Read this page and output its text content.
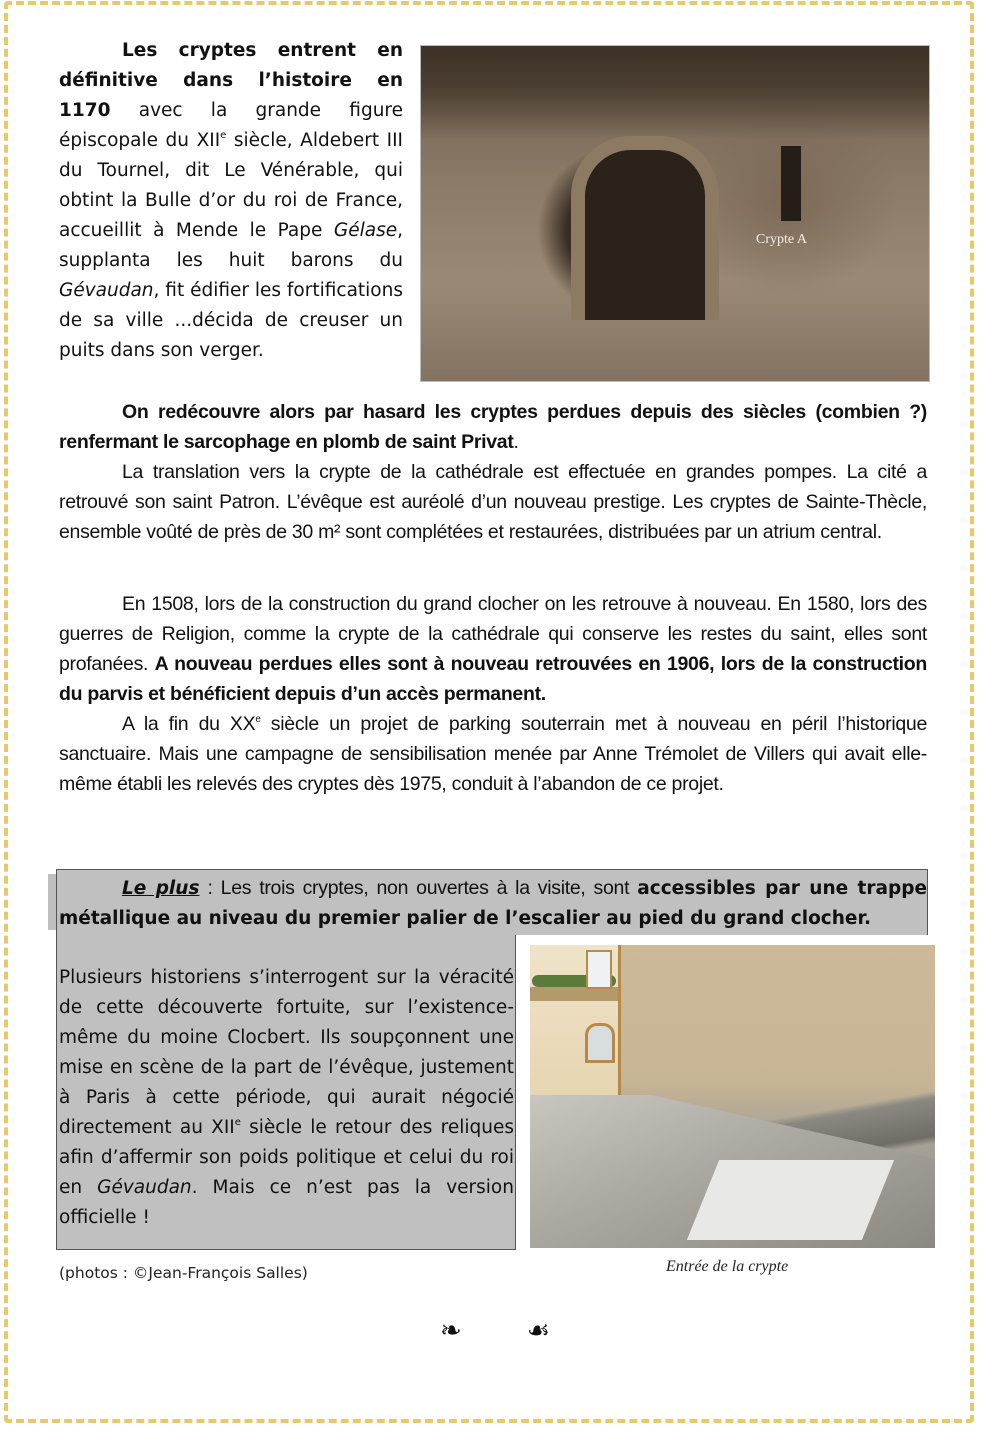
Les cryptes entrent en définitive dans l’histoire en 1170 avec la grande figure épiscopale du XIIe siècle, Aldebert III du Tournel, dit Le Vénérable, qui obtint la Bulle d’or du roi de France, accueillit à Mende le Pape Gélase, supplanta les huit barons du Gévaudan, fit édifier les fortifications de sa ville ...décida de creuser un puits dans son verger.
Crypte A
On redécouvre alors par hasard les cryptes perdues depuis des siècles (combien ?) renfermant le sarcophage en plomb de saint Privat.
La translation vers la crypte de la cathédrale est effectuée en grandes pompes. La cité a retrouvé son saint Patron. L’évêque est auréolé d’un nouveau prestige. Les cryptes de Sainte-Thècle, ensemble voûté de près de 30 m² sont complétées et restaurées, distribuées par un atrium central.
En 1508, lors de la construction du grand clocher on les retrouve à nouveau. En 1580, lors des guerres de Religion, comme la crypte de la cathédrale qui conserve les restes du saint, elles sont profanées. A nouveau perdues elles sont à nouveau retrouvées en 1906, lors de la construction du parvis et bénéficient depuis d’un accès permanent.
A la fin du XXe siècle un projet de parking souterrain met à nouveau en péril l’historique sanctuaire. Mais une campagne de sensibilisation menée par Anne Trémolet de Villers qui avait elle-même établi les relevés des cryptes dès 1975, conduit à l’abandon de ce projet.
Le plus : Les trois cryptes, non ouvertes à la visite, sont accessibles par une trappe métallique au niveau du premier palier de l’escalier au pied du grand clocher.
Plusieurs historiens s’interrogent sur la véracité de cette découverte fortuite, sur l’existence-même du moine Clocbert. Ils soupçonnent une mise en scène de la part de l’évêque, justement à Paris à cette période, qui aurait négocié directement au XIIe siècle le retour des reliques afin d’affermir son poids politique et celui du roi en Gévaudan. Mais ce n’est pas la version officielle !
Entrée de la crypte
(photos : ©Jean-François Salles)
❧ ☙
